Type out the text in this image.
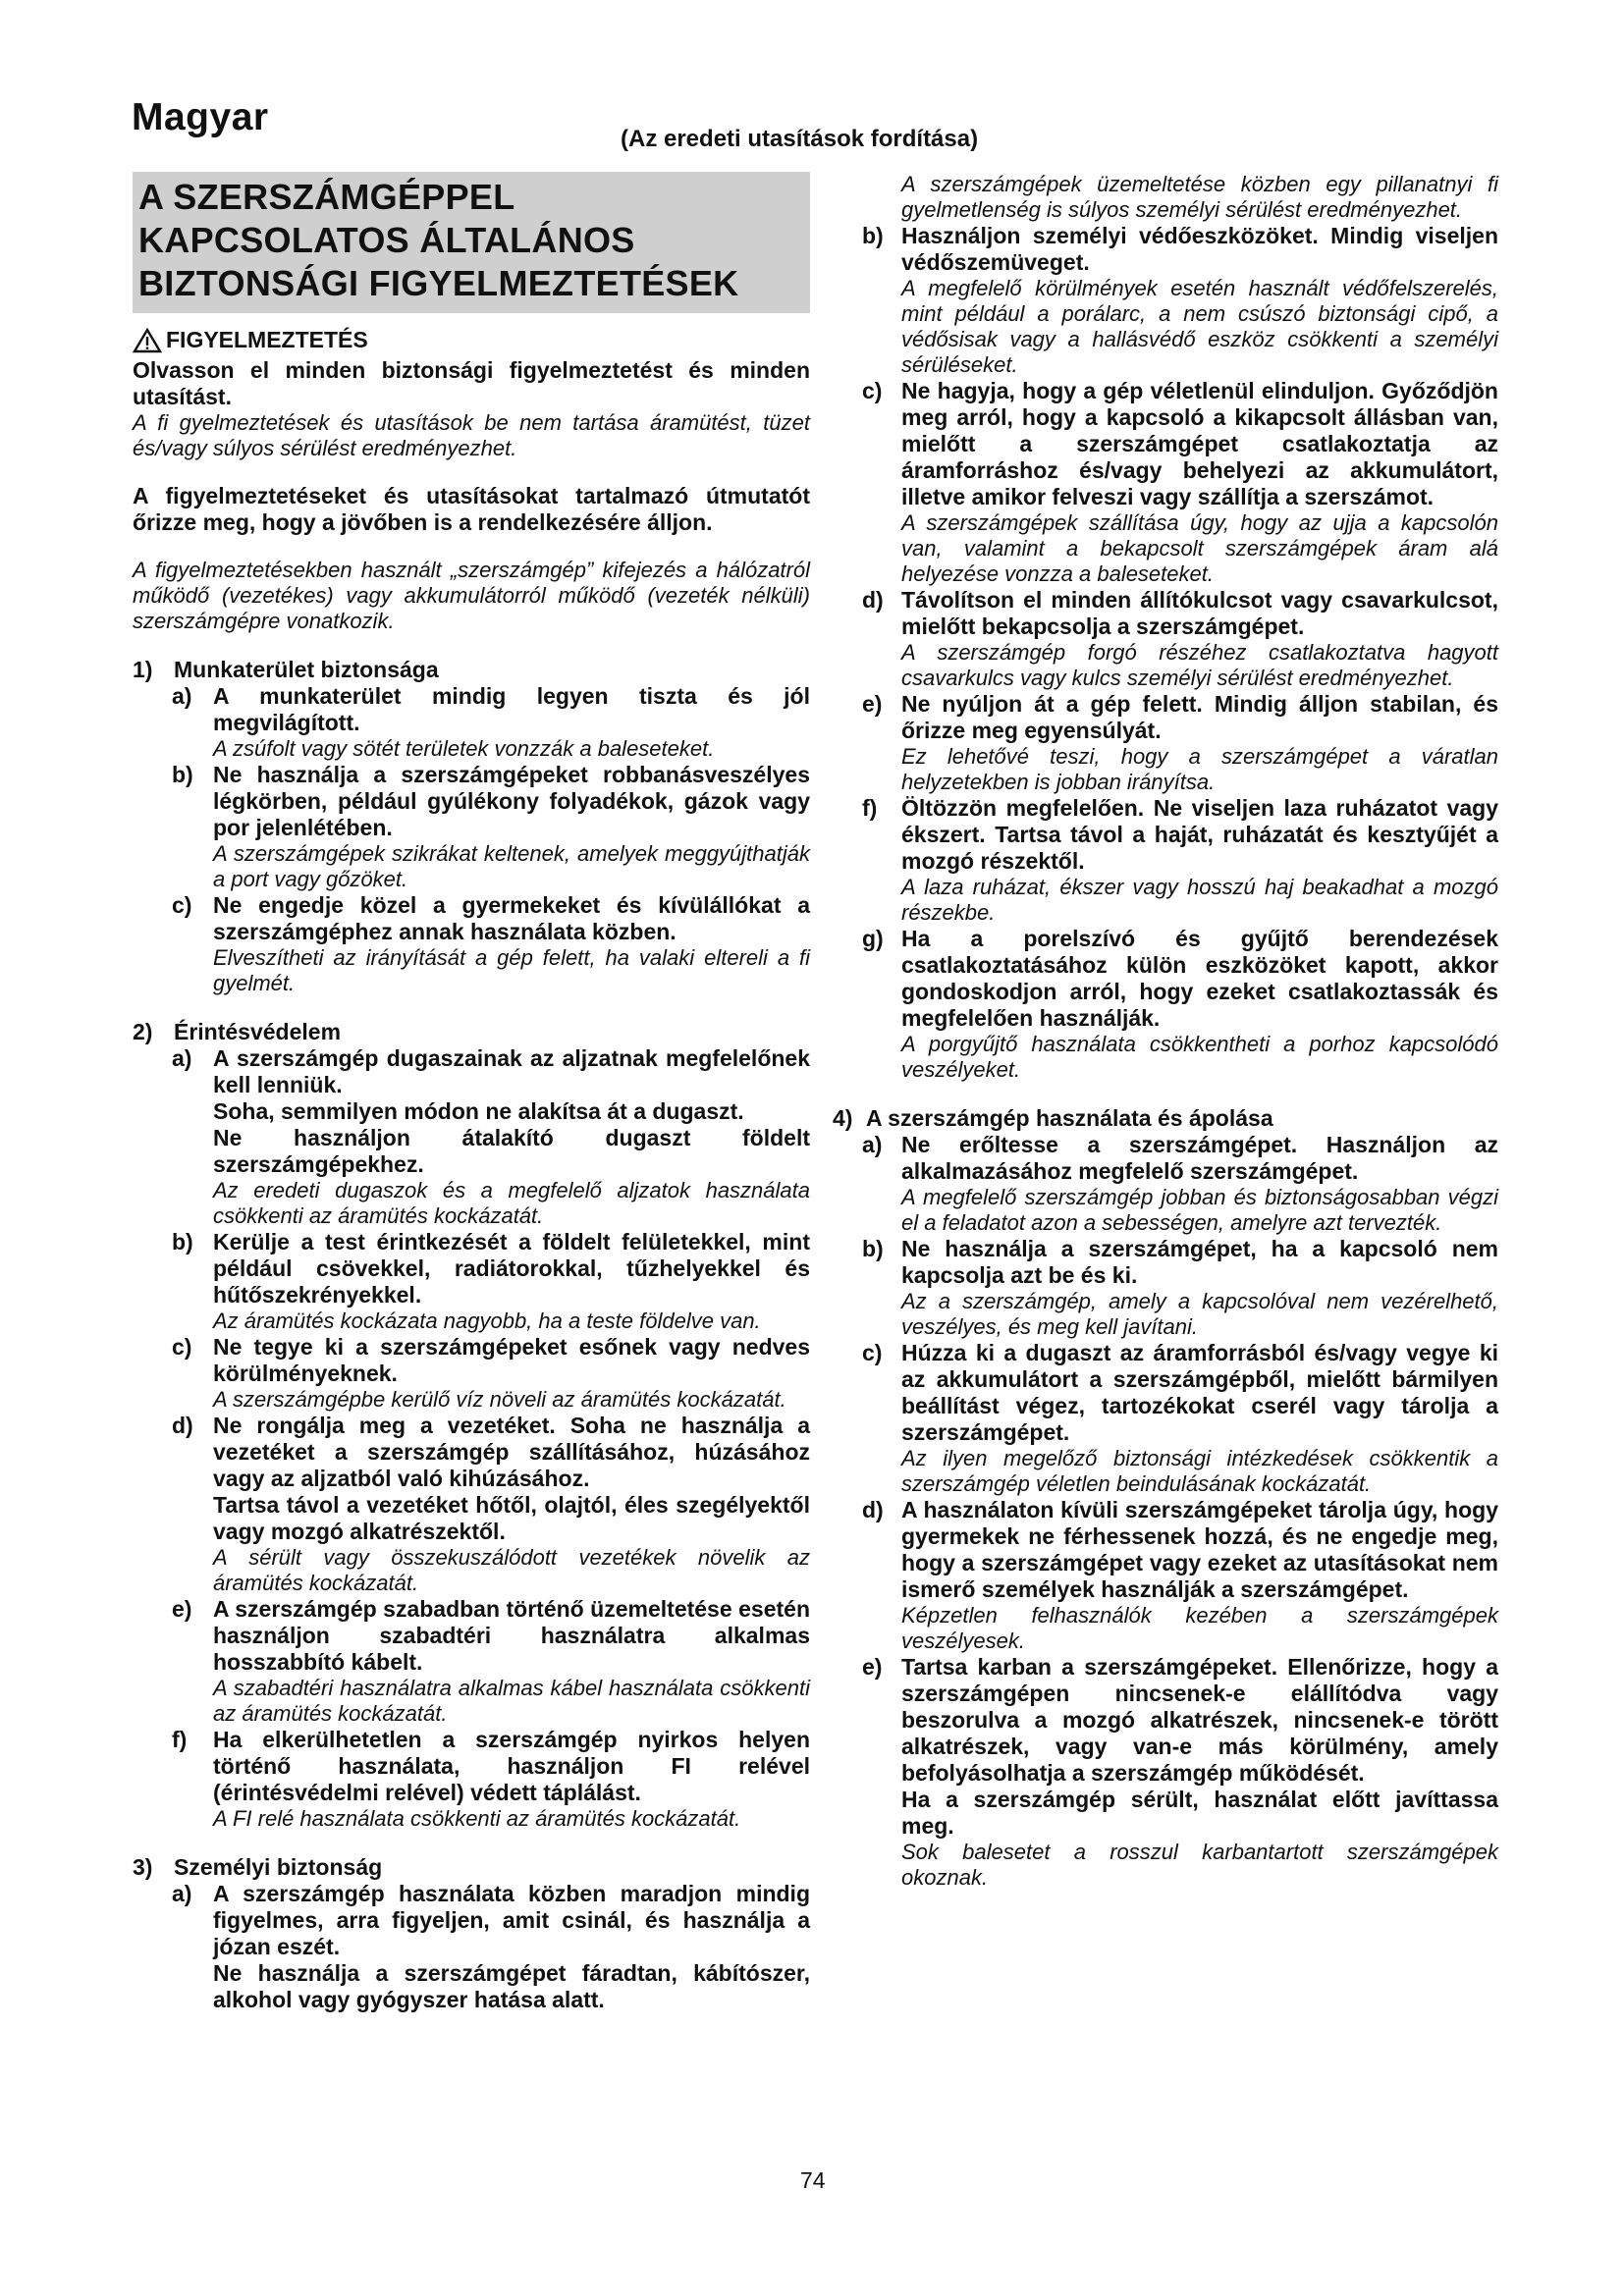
Magyar
(Az eredeti utasítások fordítása)
A SZERSZÁMGÉPPEL
KAPCSOLATOS ÁLTALÁNOS
BIZTONSÁGI FIGYELMEZTETÉSEK
FIGYELMEZTETÉS

Olvasson el minden biztonsági figyelmeztetést és minden utasítást.

A fi gyelmeztetések és utasítások be nem tartása áramütést, tüzet és/vagy súlyos sérülést eredményezhet.

A figyelmeztetéseket és utasításokat tartalmazó útmutatót őrizze meg, hogy a jövőben is a rendelkezésére álljon.

A figyelmeztetésekben használt „szerszámgép” kifejezés a hálózatról működő (vezetékes) vagy akkumulátorról működő (vezeték nélküli) szerszámgépre vonatkozik.

1) Munkaterület biztonsága
a) A munkaterület mindig legyen tiszta és jól megvilágított.

A zsúfolt vagy sötét területek vonzzák a baleseteket.

b) Ne használja a szerszámgépeket robbanásveszélyes légkörben, például gyúlékony folyadékok, gázok vagy por jelenlétében.

A szerszámgépek szikrákat keltenek, amelyek meggyújthatják a port vagy gőzöket.

c) Ne engedje közel a gyermekeket és kívülállókat a szerszámgéphez annak használata közben.

Elveszítheti az irányítását a gép felett, ha valaki eltereli a fi gyelmét.

2) Érintésvédelem
a) A szerszámgép dugaszainak az aljzatnak megfelelőnek kell lenniük.

Soha, semmilyen módon ne alakítsa át a dugaszt.

Ne használjon átalakító dugaszt földelt szerszámgépekhez.

Az eredeti dugaszok és a megfelelő aljzatok használata csökkenti az áramütés kockázatát.

b) Kerülje a test érintkezését a földelt felületekkel, mint például csövekkel, radiátorokkal, tűzhelyekkel és hűtőszekrényekkel.

Az áramütés kockázata nagyobb, ha a teste földelve van.

c) Ne tegye ki a szerszámgépeket esőnek vagy nedves körülményeknek.

A szerszámgépbe kerülő víz növeli az áramütés kockázatát.

d) Ne rongálja meg a vezetéket. Soha ne használja a vezetéket a szerszámgép szállításához, húzásához vagy az aljzatból való kihúzásához.

Tartsa távol a vezetéket hőtől, olajtól, éles szegélyektől vagy mozgó alkatrészektől.

A sérült vagy összekuszálódott vezetékek növelik az áramütés kockázatát.

e) A szerszámgép szabadban történő üzemeltetése esetén használjon szabadtéri használatra alkalmas hosszabbító kábelt.

A szabadtéri használatra alkalmas kábel használata csökkenti az áramütés kockázatát.

f)	Ha elkerülhetetlen a szerszámgép nyirkos helyen történő használata, használjon FI relével (érintésvédelmi relével) védett táplálást.

A FI relé használata csökkenti az áramütés kockázatát.

3) Személyi biztonság
a) A szerszámgép használata közben maradjon mindig figyelmes, arra figyeljen, amit csinál, és használja a józan eszét.

Ne használja a szerszámgépet fáradtan, kábítószer, alkohol vagy gyógyszer hatása alatt.

A szerszámgépek üzemeltetése közben egy pillanatnyi fi gyelmetlenség is súlyos személyi sérülést eredményezhet.

b) Használjon személyi védőeszközöket. Mindig viseljen védőszemüveget.

A megfelelő körülmények esetén használt védőfelszerelés, mint például a porálarc, a nem csúszó biztonsági cipő, a védősisak vagy a hallásvédő eszköz csökkenti a személyi sérüléseket.

c) Ne hagyja, hogy a gép véletlenül elinduljon. Győződjön meg arról, hogy a kapcsoló a kikapcsolt állásban van, mielőtt a szerszámgépet csatlakoztatja az áramforráshoz és/vagy behelyezi az akkumulátort, illetve amikor felveszi vagy szállítja a szerszámot.

A szerszámgépek szállítása úgy, hogy az ujja a kapcsolón van, valamint a bekapcsolt szerszámgépek áram alá helyezése vonzza a baleseteket.

d) Távolítson el minden állítókulcsot vagy csavarkulcsot, mielőtt bekapcsolja a szerszámgépet.

A szerszámgép forgó részéhez csatlakoztatva hagyott csavarkulcs vagy kulcs személyi sérülést eredményezhet.

e) Ne nyúljon át a gép felett. Mindig álljon stabilan, és őrizze meg egyensúlyát.

Ez lehetővé teszi, hogy a szerszámgépet a váratlan helyzetekben is jobban irányítsa.

f)	Öltözzön megfelelően. Ne viseljen laza ruházatot vagy ékszert. Tartsa távol a haját, ruházatát és kesztyűjét a mozgó részektől.

A laza ruházat, ékszer vagy hosszú haj beakadhat a mozgó részekbe.

g) Ha a porelszívó és gyűjtő berendezések csatlakoztatásához külön eszközöket kapott, akkor gondoskodjon arról, hogy ezeket csatlakoztassák és megfelelően használják.

A porgyűjtő használata csökkentheti a porhoz kapcsolódó veszélyeket.

4) A szerszámgép használata és ápolása
a) Ne erőltesse a szerszámgépet. Használjon az alkalmazásához megfelelő szerszámgépet.

A megfelelő szerszámgép jobban és biztonságosabban végzi el a feladatot azon a sebességen, amelyre azt tervezték.

b) Ne használja a szerszámgépet, ha a kapcsoló nem kapcsolja azt be és ki.

Az a szerszámgép, amely a kapcsolóval nem vezérelhető, veszélyes, és meg kell javítani.

c) Húzza ki a dugaszt az áramforrásból és/vagy vegye ki az akkumulátort a szerszámgépből, mielőtt bármilyen beállítást végez, tartozékokat cserél vagy tárolja a szerszámgépet.

Az ilyen megelőző biztonsági intézkedések csökkentik a szerszámgép véletlen beindulásának kockázatát.

d) A használaton kívüli szerszámgépeket tárolja úgy, hogy gyermekek ne férhessenek hozzá, és ne engedje meg, hogy a szerszámgépet vagy ezeket az utasításokat nem ismerő személyek használják a szerszámgépet.

Képzetlen felhasználók kezében a szerszámgépek veszélyesek.

e) Tartsa karban a szerszámgépeket. Ellenőrizze, hogy a szerszámgépen nincsenek-e elállítódva vagy beszorulva a mozgó alkatrészek, nincsenek-e törött alkatrészek, vagy van-e más körülmény, amely befolyásolhatja a szerszámgép működését.

Ha a szerszámgép sérült, használat előtt javíttassa meg.

Sok balesetet a rosszul karbantartott szerszámgépek okoznak.

74
